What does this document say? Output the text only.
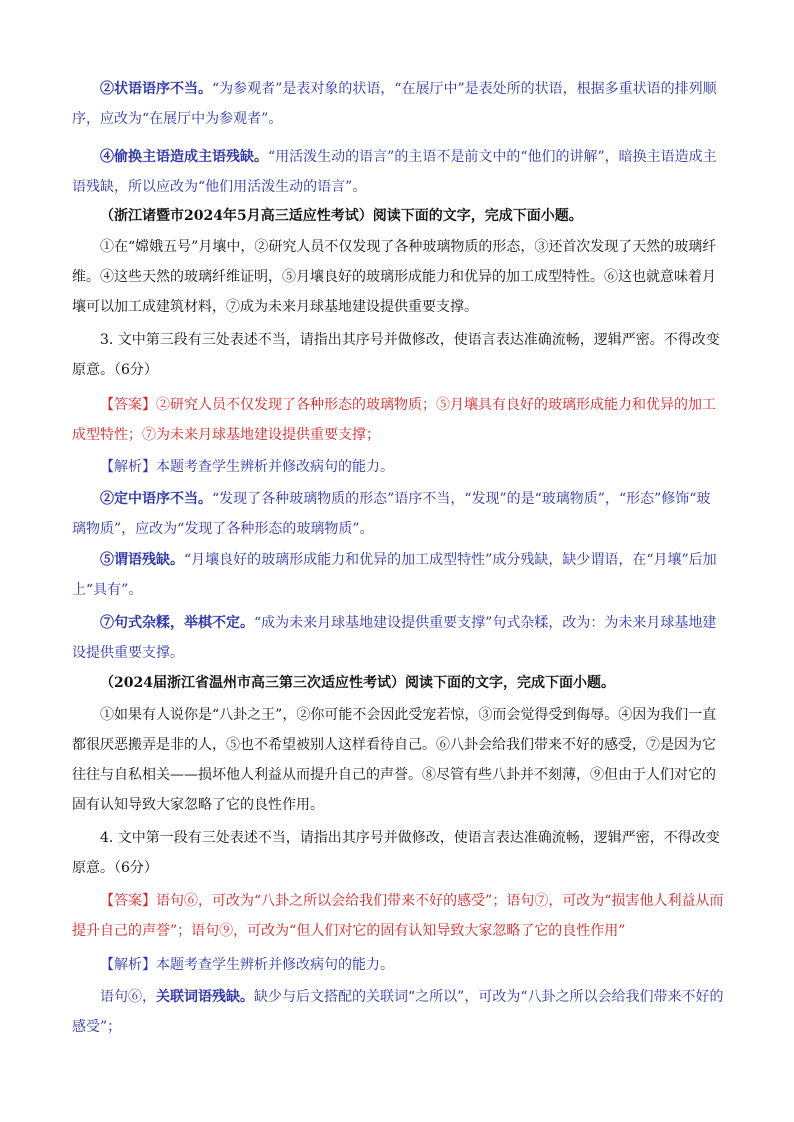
②状语语序不当。“为参观者”是表对象的状语，“在展厅中”是表处所的状语，根据多重状语的排列顺序，应改为“在展厅中为参观者”。

④偷换主语造成主语残缺。“用活泼生动的语言”的主语不是前文中的“他们的讲解”，暗换主语造成主语残缺，所以应改为“他们用活泼生动的语言”。

（浙江诸暨市2024年5月高三适应性考试）阅读下面的文字，完成下面小题。

①在“嫦娥五号”月壤中，②研究人员不仅发现了各种玻璃物质的形态，③还首次发现了天然的玻璃纤维。④这些天然的玻璃纤维证明，⑤月壤良好的玻璃形成能力和优异的加工成型特性。⑥这也就意味着月壤可以加工成建筑材料，⑦成为未来月球基地建设提供重要支撑。

3. 文中第三段有三处表述不当，请指出其序号并做修改，使语言表达准确流畅，逻辑严密。不得改变原意。（6分）

【答案】②研究人员不仅发现了各种形态的玻璃物质；⑤月壤具有良好的玻璃形成能力和优异的加工成型特性；⑦为未来月球基地建设提供重要支撑；

【解析】本题考查学生辨析并修改病句的能力。

②定中语序不当。“发现了各种玻璃物质的形态”语序不当，“发现”的是“玻璃物质”，“形态”修饰“玻璃物质”，应改为“发现了各种形态的玻璃物质”。

⑤谓语残缺。“月壤良好的玻璃形成能力和优异的加工成型特性”成分残缺，缺少谓语，在“月壤”后加上“具有”。

⑦句式杂糅，举棋不定。“成为未来月球基地建设提供重要支撑”句式杂糅，改为：为未来月球基地建设提供重要支撑。

（2024届浙江省温州市高三第三次适应性考试）阅读下面的文字，完成下面小题。

①如果有人说你是“八卦之王”，②你可能不会因此受宠若惊，③而会觉得受到侮辱。④因为我们一直都很厌恶搬弄是非的人，⑤也不希望被别人这样看待自己。⑥八卦会给我们带来不好的感受，⑦是因为它往往与自私相关——损坏他人利益从而提升自己的声誉。⑧尽管有些八卦并不刻薄，⑨但由于人们对它的固有认知导致大家忽略了它的良性作用。

4. 文中第一段有三处表述不当，请指出其序号并做修改，使语言表达准确流畅，逻辑严密，不得改变原意。（6分）

【答案】语句⑥，可改为“八卦之所以会给我们带来不好的感受”；语句⑦，可改为“损害他人利益从而提升自己的声誉”；语句⑨，可改为“但人们对它的固有认知导致大家忽略了它的良性作用”

【解析】本题考查学生辨析并修改病句的能力。

语句⑥，关联词语残缺。缺少与后文搭配的关联词“之所以”，可改为“八卦之所以会给我们带来不好的感受”；
